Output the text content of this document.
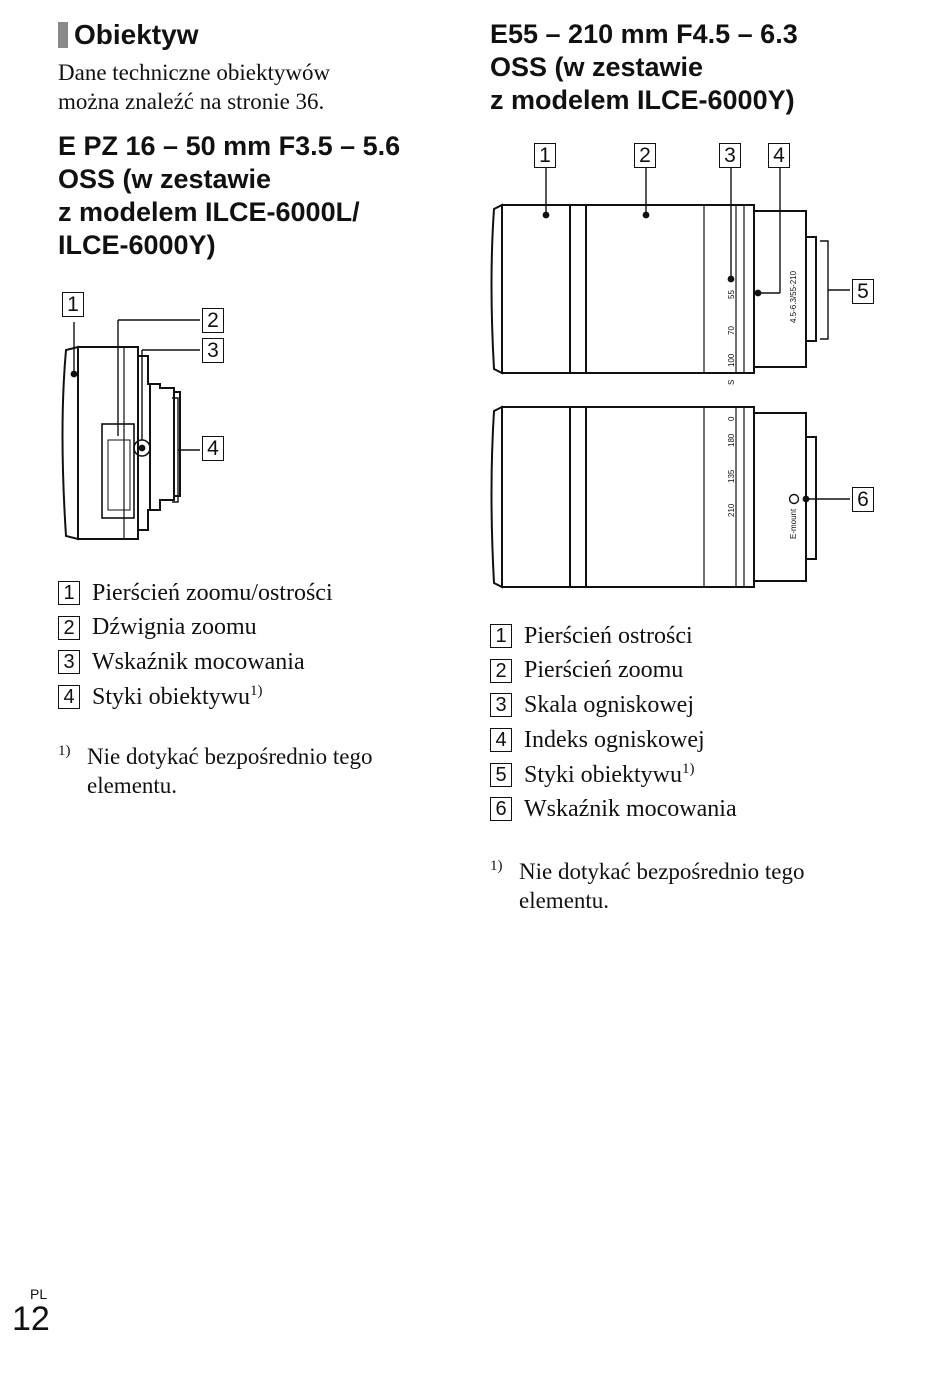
Obiektyw

Dane techniczne obiektywów
można znaleźć na stronie 36.

E PZ 16 – 50 mm F3.5 – 5.6
OSS (w zestawie
z modelem ILCE-6000L/
ILCE-6000Y)
1
2
3
4
1 Pierścień zoomu/ostrości
2 Dźwignia zoomu
3 Wskaźnik mocowania
4 Styki obiektywu$^{1)}$
1) Nie dotykać bezpośrednio tego
elementu.
E55 – 210 mm F4.5 – 6.3
OSS (w zestawie
z modelem ILCE-6000Y)
55
70
100
S
4.5-6.3/55-210
0
180
135
210	E-mount
1	2	3 4
5
6
1 Pierścień ostrości
2 Pierścień zoomu
3 Skala ogniskowej
4 Indeks ogniskowej
5 Styki obiektywu$^{1)}$
6 Wskaźnik mocowania
1) Nie dotykać bezpośrednio tego
elementu.
PL
12
